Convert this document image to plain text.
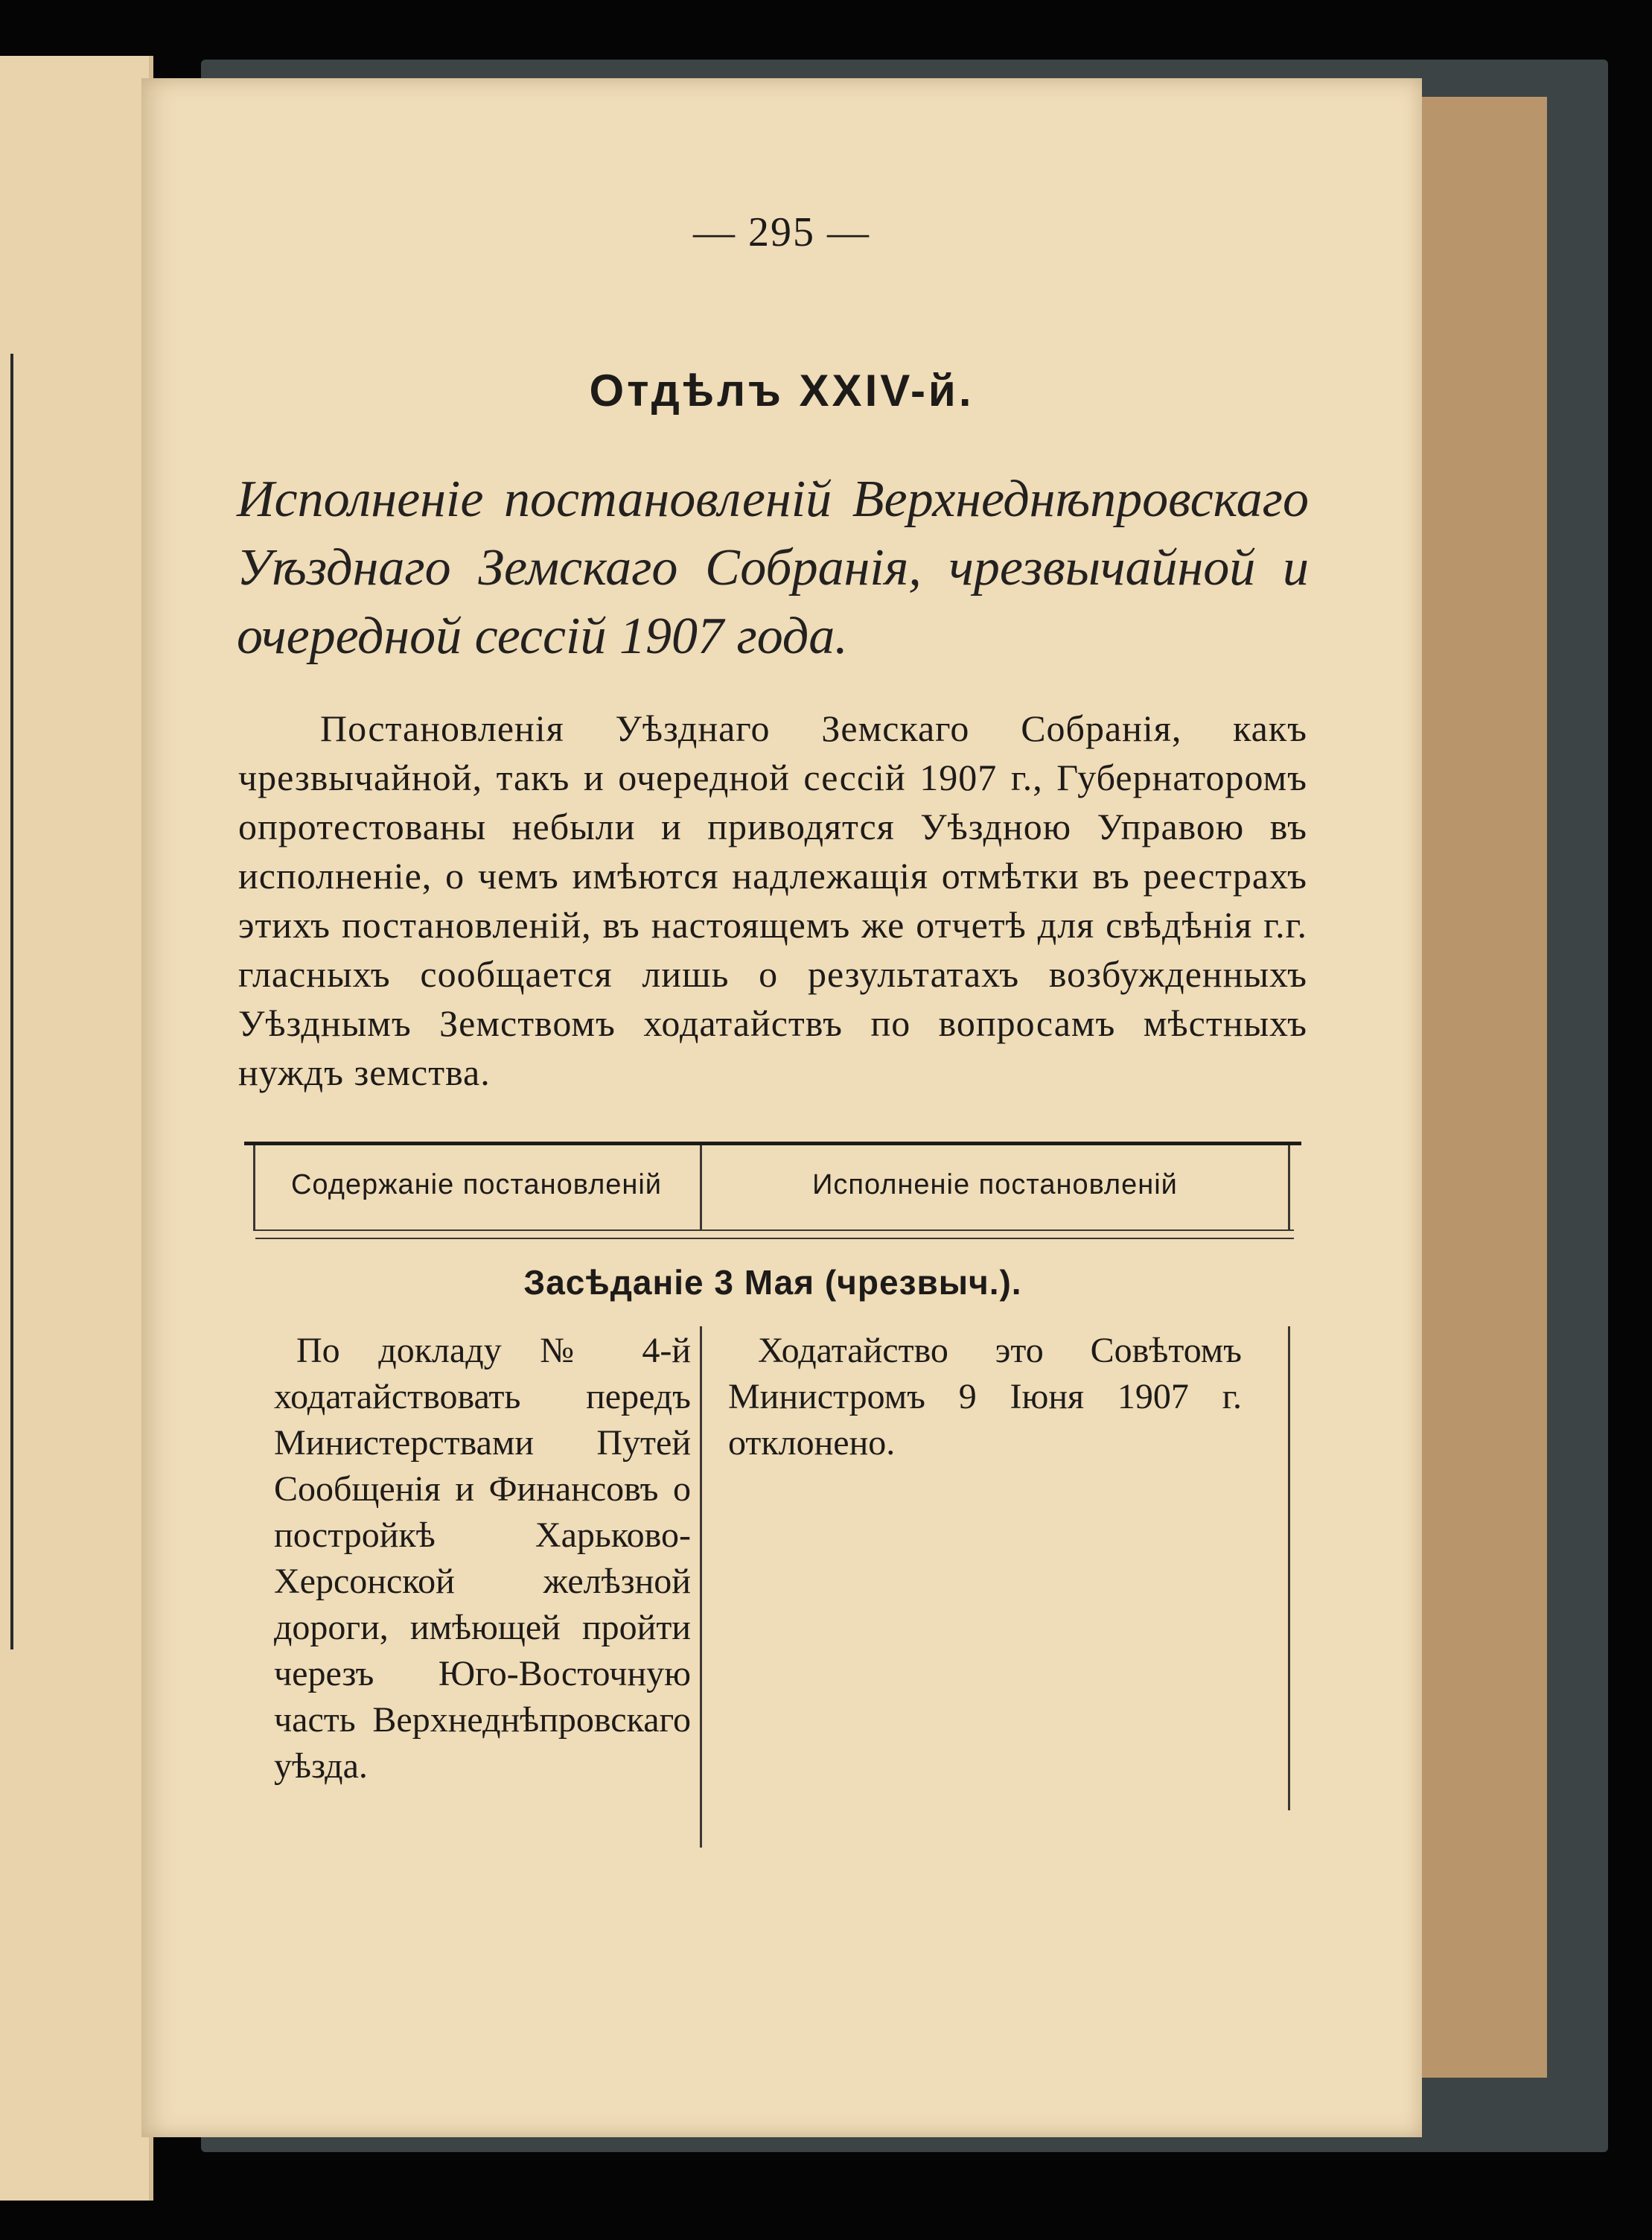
— 295 —
Отдѣлъ XXIV-й.
Исполненіе постановленій Верхнеднѣпровскаго Уѣзднаго Земскаго Собранія, чрезвычайной и очередной сессій 1907 года.
Постановленія Уѣзднаго Земскаго Собранія, какъ чрезвычайной, такъ и очередной сессій 1907 г., Губернаторомъ опротестованы небыли и приводятся Уѣздною Управою въ исполненіе, о чемъ имѣются надлежащія отмѣтки въ реестрахъ этихъ постановленій, въ настоящемъ же отчетѣ для свѣдѣнія г.г. гласныхъ сообщается лишь о результатахъ возбужденныхъ Уѣзднымъ Земствомъ ходатайствъ по вопросамъ мѣстныхъ нуждъ земства.
Содержаніе постановленій	Исполненіе постановленій
Засѣданіе 3 Мая (чрезвыч.).
По докладу № 4-й ходатайствовать передъ Министерствами Путей Сообщенія и Финансовъ о постройкѣ Харьково-Херсонской желѣзной дороги, имѣющей пройти черезъ Юго-Восточную часть Верхнеднѣпровскаго уѣзда.
Ходатайство это Совѣтомъ Министромъ 9 Іюня 1907 г. отклонено.
